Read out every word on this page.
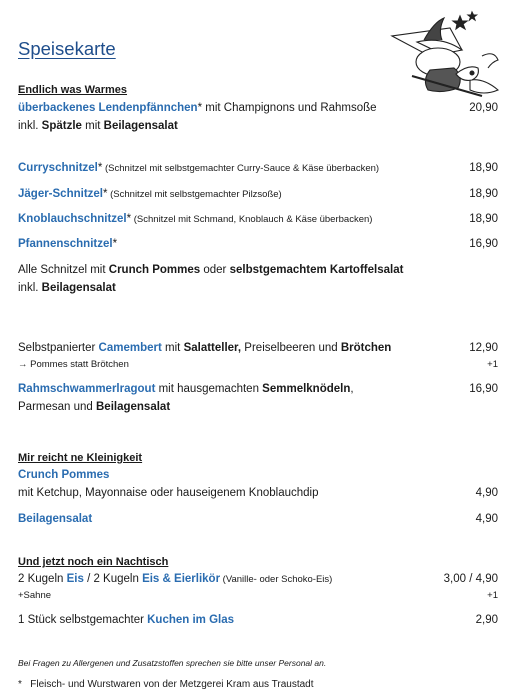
Speisekarte
Endlich was Warmes
überbackenes Lendenpfännchen* mit Champignons und Rahmsoße	20,90
inkl. Spätzle mit Beilagensalat
Curryschnitzel* (Schnitzel mit selbstgemachter Curry-Sauce & Käse überbacken)	18,90
Jäger-Schnitzel* (Schnitzel mit selbstgemachter Pilzsoße)	18,90
Knoblauchschnitzel* (Schnitzel mit Schmand, Knoblauch & Käse überbacken)	18,90
Pfannenschnitzel*	16,90
Alle Schnitzel mit Crunch Pommes oder selbstgemachtem Kartoffelsalat
inkl. Beilagensalat
Selbstpanierter Camembert mit Salatteller, Preiselbeeren und Brötchen	12,90
→ Pommes statt Brötchen	+1
Rahmschwammerlragout mit hausgemachten Semmelknödeln,	16,90
Parmesan und Beilagensalat
Mir reicht ne Kleinigkeit
Crunch Pommes
mit Ketchup, Mayonnaise oder hauseigenem Knoblauchdip	4,90
Beilagensalat	4,90
Und jetzt noch ein Nachtisch
2 Kugeln Eis / 2 Kugeln Eis & Eierlikör (Vanille- oder Schoko-Eis)	3,00 / 4,90
+Sahne	+1
1 Stück selbstgemachter Kuchen im Glas	2,90
Bei Fragen zu Allergenen und Zusatzstoffen sprechen sie bitte unser Personal an.
* Fleisch- und Wurstwaren von der Metzgerei Kram aus Traustadt
